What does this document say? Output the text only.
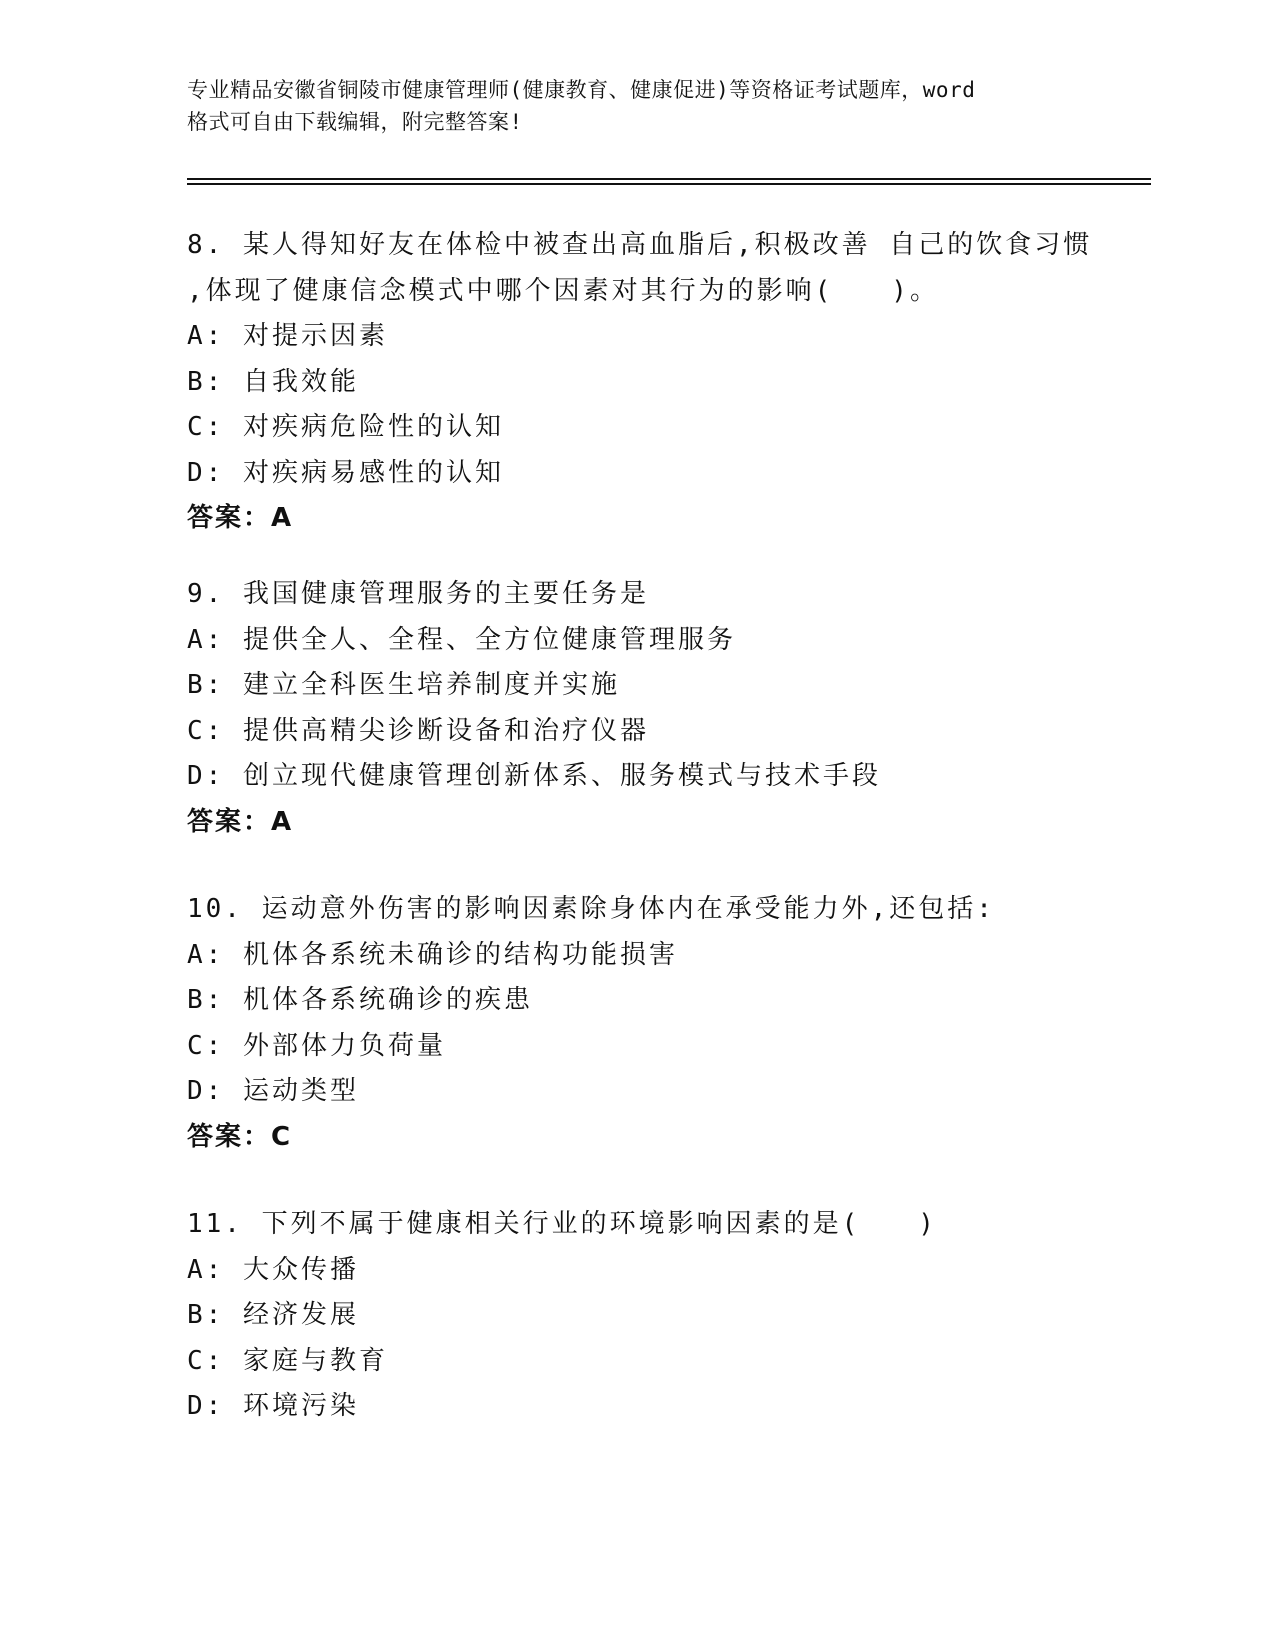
专业精品安徽省铜陵市健康管理师(健康教育、健康促进)等资格证考试题库，word
格式可自由下载编辑，附完整答案!
8. 某人得知好友在体检中被查出高血脂后,积极改善 自己的饮食习惯
,体现了健康信念模式中哪个因素对其行为的影响(　　)。
A: 对提示因素
B: 自我效能
C: 对疾病危险性的认知
D: 对疾病易感性的认知
答案：A
9. 我国健康管理服务的主要任务是
A: 提供全人、全程、全方位健康管理服务
B: 建立全科医生培养制度并实施
C: 提供高精尖诊断设备和治疗仪器
D: 创立现代健康管理创新体系、服务模式与技术手段
答案：A
10. 运动意外伤害的影响因素除身体内在承受能力外,还包括:
A: 机体各系统未确诊的结构功能损害
B: 机体各系统确诊的疾患
C: 外部体力负荷量
D: 运动类型
答案：C
11. 下列不属于健康相关行业的环境影响因素的是(　　)
A: 大众传播
B: 经济发展
C: 家庭与教育
D: 环境污染
